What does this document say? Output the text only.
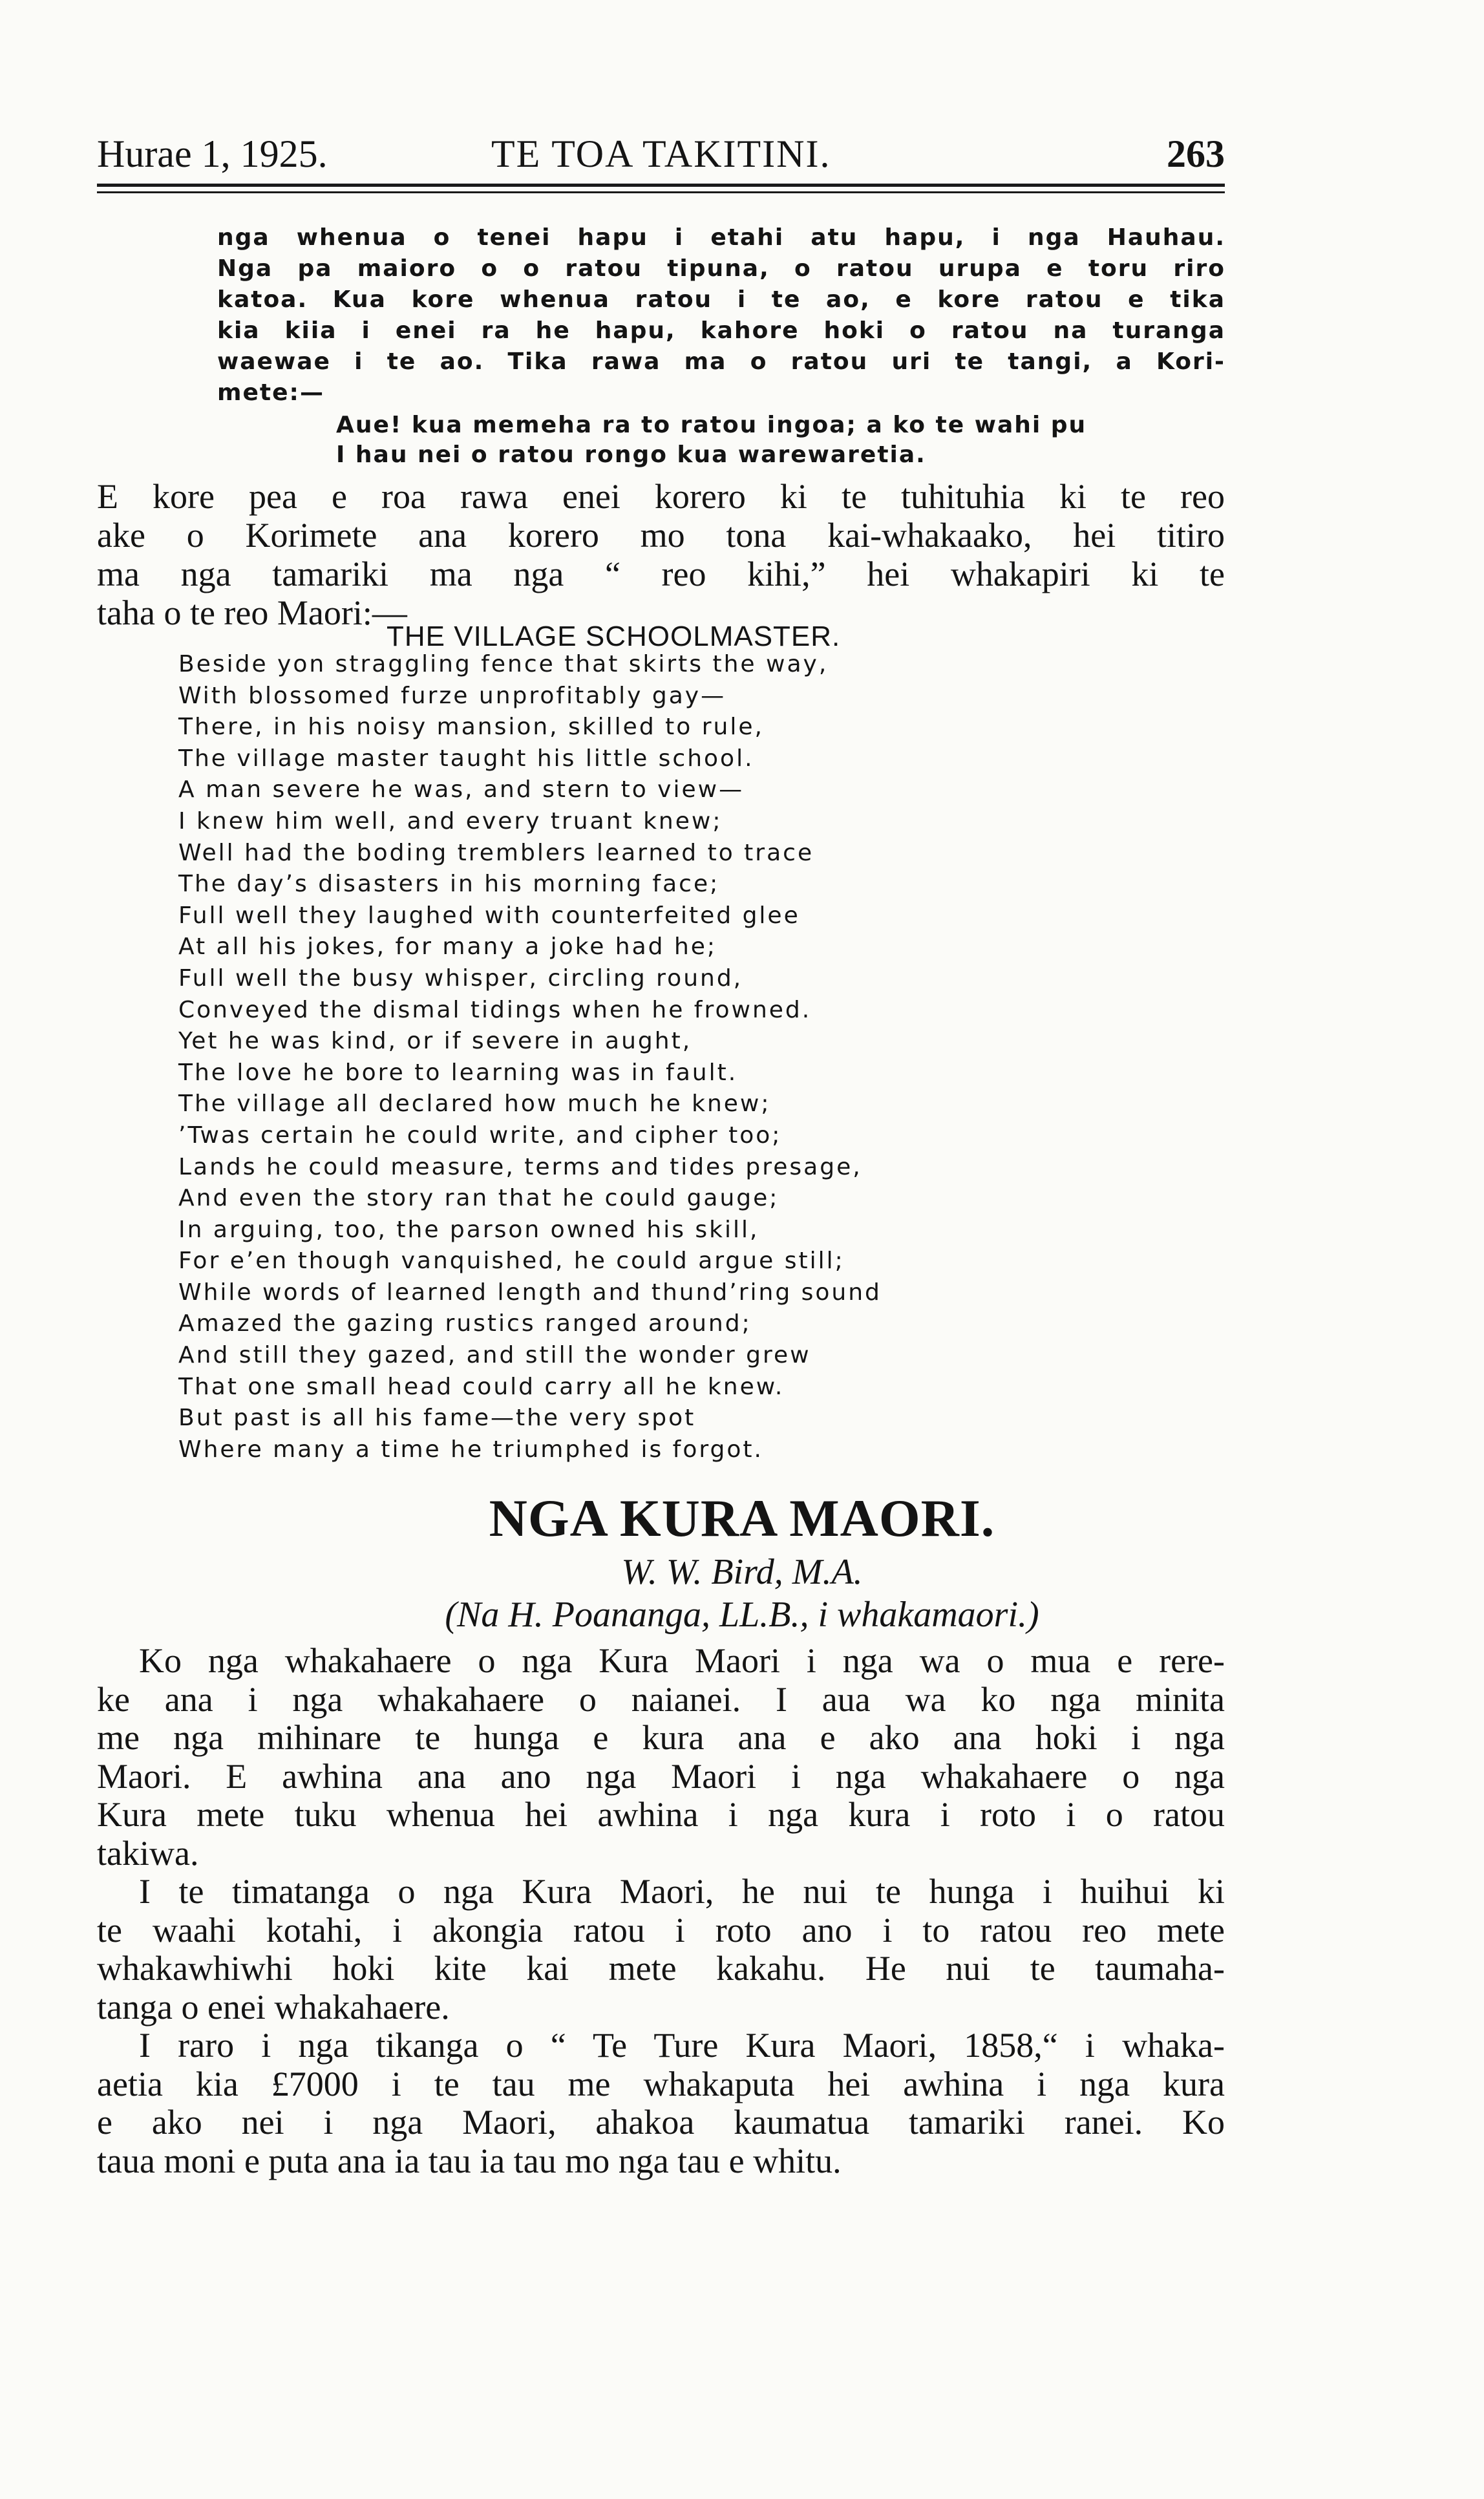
Hurae 1, 1925.	TE TOA TAKITINI.	263
nga whenua o tenei hapu i etahi atu hapu, i nga Hauhau.
Nga pa maioro o o ratou tipuna, o ratou urupa e toru riro
katoa. Kua kore whenua ratou i te ao, e kore ratou e tika
kia kiia i enei ra he hapu, kahore hoki o ratou na turanga
waewae i te ao. Tika rawa ma o ratou uri te tangi, a Kori-
mete:—
Aue! kua memeha ra to ratou ingoa; a ko te wahi pu
I hau nei o ratou rongo kua warewaretia.
E kore pea e roa rawa enei korero ki te tuhituhia ki te reo
ake o Korimete ana korero mo tona kai-whakaako, hei titiro
ma nga tamariki ma nga “ reo kihi,” hei whakapiri ki te
taha o te reo Maori:—
THE VILLAGE SCHOOLMASTER.
Beside yon straggling fence that skirts the way,
With blossomed furze unprofitably gay—
There, in his noisy mansion, skilled to rule,
The village master taught his little school.
A man severe he was, and stern to view—
I knew him well, and every truant knew;
Well had the boding tremblers learned to trace
The day’s disasters in his morning face;
Full well they laughed with counterfeited glee
At all his jokes, for many a joke had he;
Full well the busy whisper, circling round,
Conveyed the dismal tidings when he frowned.
Yet he was kind, or if severe in aught,
The love he bore to learning was in fault.
The village all declared how much he knew;
’Twas certain he could write, and cipher too;
Lands he could measure, terms and tides presage,
And even the story ran that he could gauge;
In arguing, too, the parson owned his skill,
For e’en though vanquished, he could argue still;
While words of learned length and thund’ring sound
Amazed the gazing rustics ranged around;
And still they gazed, and still the wonder grew
That one small head could carry all he knew.
But past is all his fame—the very spot
Where many a time he triumphed is forgot.
NGA KURA MAORI.
W. W. Bird, M.A.
(Na H. Poananga, LL.B., i whakamaori.)
Ko nga whakahaere o nga Kura Maori i nga wa o mua e rere-
ke ana i nga whakahaere o naianei. I aua wa ko nga minita
me nga mihinare te hunga e kura ana e ako ana hoki i nga
Maori. E awhina ana ano nga Maori i nga whakahaere o nga
Kura mete tuku whenua hei awhina i nga kura i roto i o ratou
takiwa.
I te timatanga o nga Kura Maori, he nui te hunga i huihui ki
te waahi kotahi, i akongia ratou i roto ano i to ratou reo mete
whakawhiwhi hoki kite kai mete kakahu. He nui te taumaha-
tanga o enei whakahaere.
I raro i nga tikanga o “ Te Ture Kura Maori, 1858,“ i whaka-
aetia kia £7000 i te tau me whakaputa hei awhina i nga kura
e ako nei i nga Maori, ahakoa kaumatua tamariki ranei. Ko
taua moni e puta ana ia tau ia tau mo nga tau e whitu.
